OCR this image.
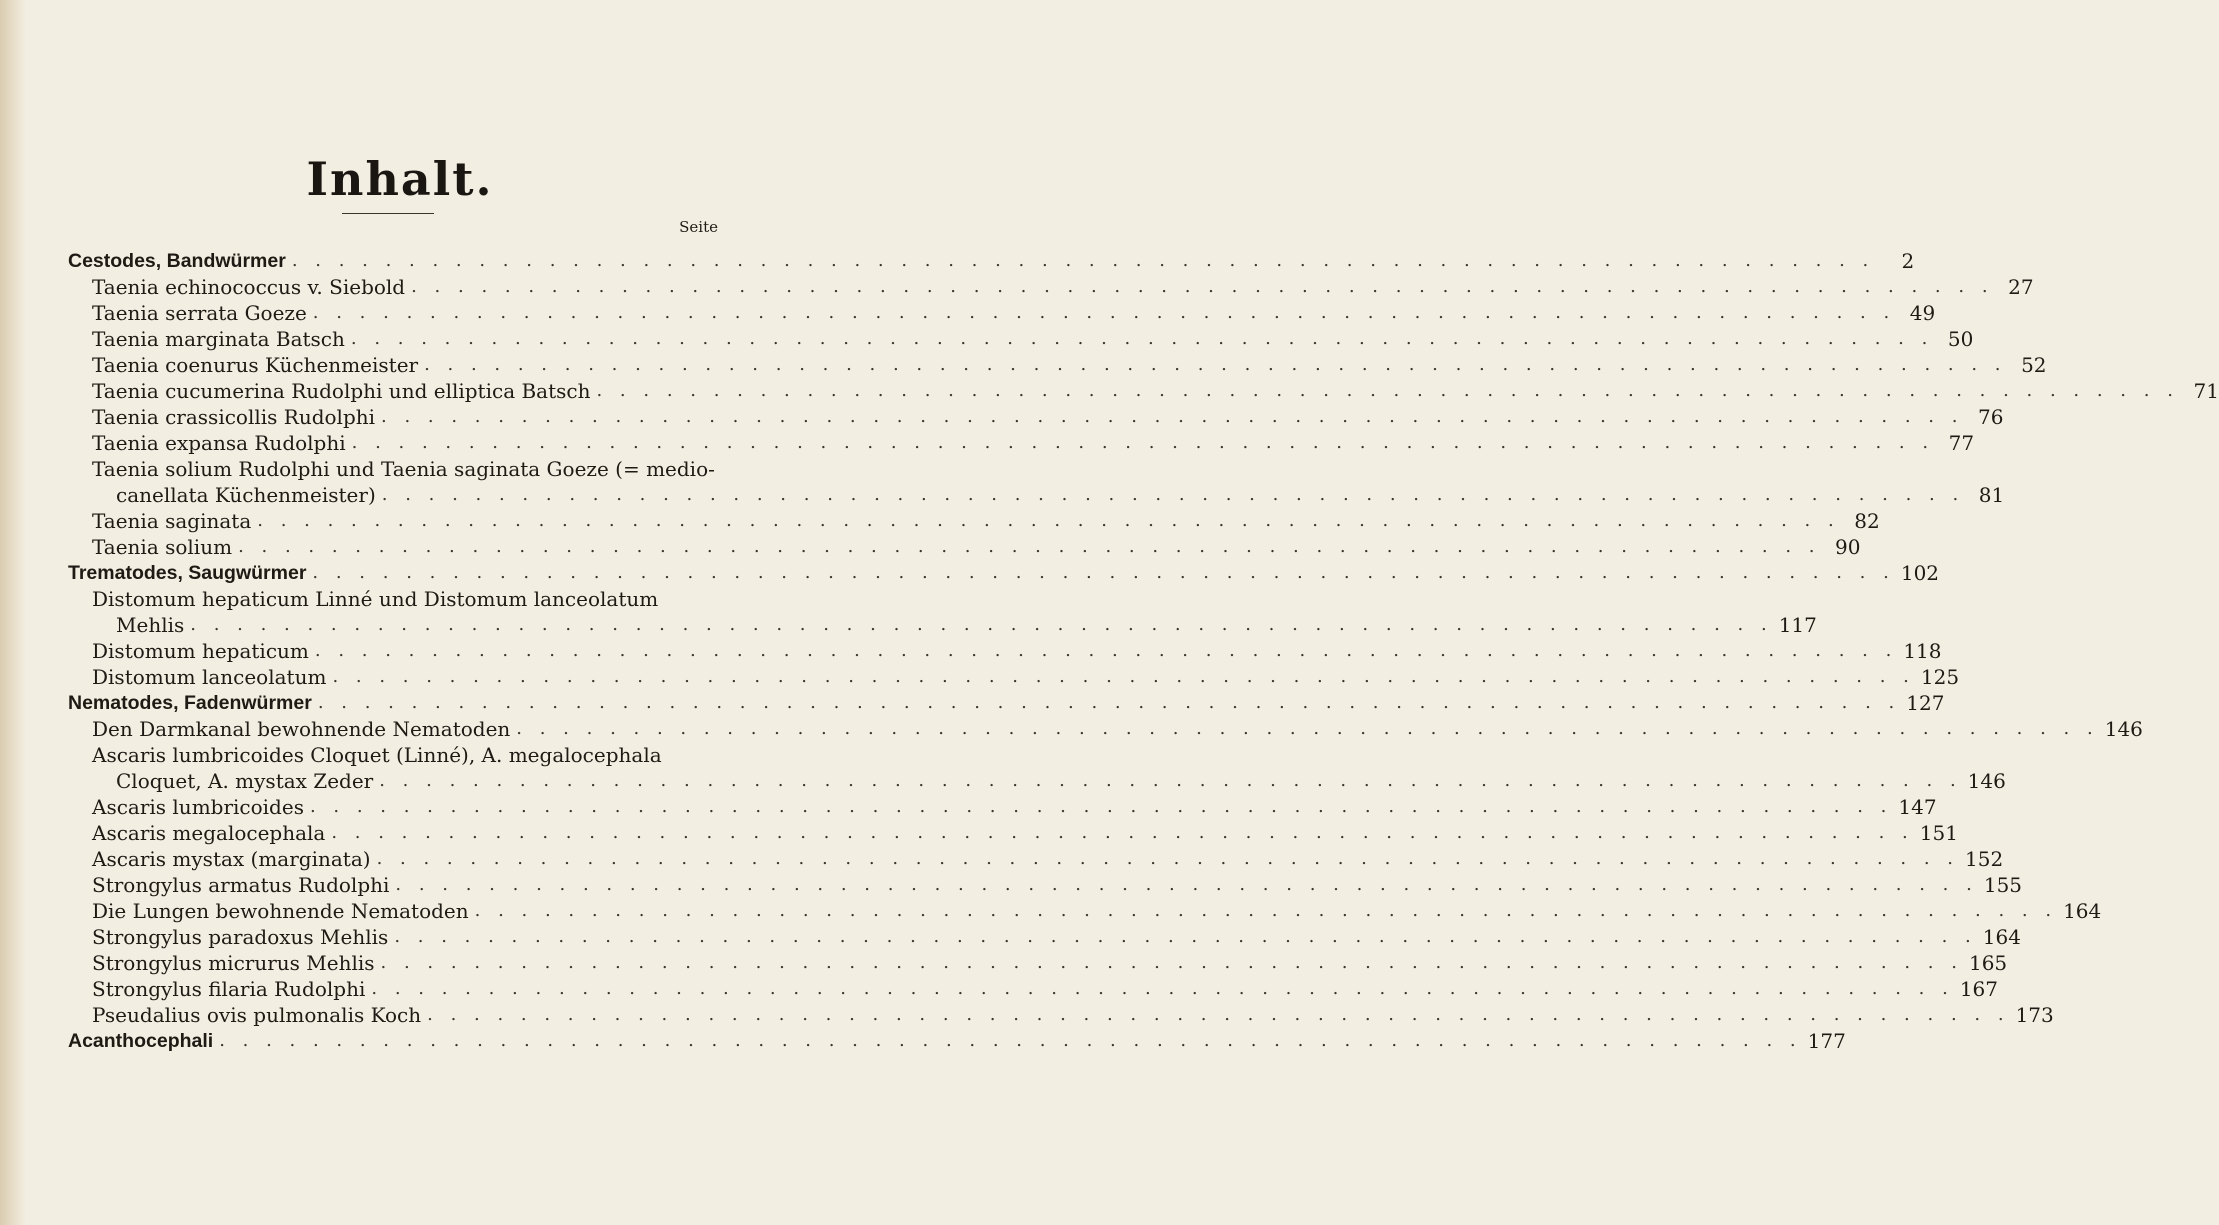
Inhalt.
Seite
Cestodes, Bandwürmer . . . . . . . . . . . . . . . . . . . . . . . . . . . . . . . . . . . . . . . . . . . . . . . . . . . . . . . . . . . . . . . . . . . .	2
Taenia echinococcus v. Siebold . . . . . . . . . . . . . . . . . . . . . . . . . . . . . . . . . . . . . . . . . . . . . . . . . . . . . . . . . . . . . . . . . . . . 27
Taenia serrata Goeze . . . . . . . . . . . . . . . . . . . . . . . . . . . . . . . . . . . . . . . . . . . . . . . . . . . . . . . . . . . . . . . . . . . . 49
Taenia marginata Batsch . . . . . . . . . . . . . . . . . . . . . . . . . . . . . . . . . . . . . . . . . . . . . . . . . . . . . . . . . . . . . . . . . . . . 50
Taenia coenurus Küchenmeister . . . . . . . . . . . . . . . . . . . . . . . . . . . . . . . . . . . . . . . . . . . . . . . . . . . . . . . . . . . . . . . . . . . . 52
Taenia cucumerina Rudolphi und elliptica Batsch . . . . . . . . . . . . . . . . . . . . . . . . . . . . . . . . . . . . . . . . . . . . . . . . . . . . . . . . . . . . . . . . . . . . 71
Taenia crassicollis Rudolphi . . . . . . . . . . . . . . . . . . . . . . . . . . . . . . . . . . . . . . . . . . . . . . . . . . . . . . . . . . . . . . . . . . . . 76
Taenia expansa Rudolphi . . . . . . . . . . . . . . . . . . . . . . . . . . . . . . . . . . . . . . . . . . . . . . . . . . . . . . . . . . . . . . . . . . . . 77
Taenia solium Rudolphi und Taenia saginata Goeze (= medio-
canellata Küchenmeister) . . . . . . . . . . . . . . . . . . . . . . . . . . . . . . . . . . . . . . . . . . . . . . . . . . . . . . . . . . . . . . . . . . . . 81
Taenia saginata . . . . . . . . . . . . . . . . . . . . . . . . . . . . . . . . . . . . . . . . . . . . . . . . . . . . . . . . . . . . . . . . . . . . 82
Taenia solium . . . . . . . . . . . . . . . . . . . . . . . . . . . . . . . . . . . . . . . . . . . . . . . . . . . . . . . . . . . . . . . . . . . . 90
Trematodes, Saugwürmer . . . . . . . . . . . . . . . . . . . . . . . . . . . . . . . . . . . . . . . . . . . . . . . . . . . . . . . . . . . . . . . . . . . . 102
Distomum hepaticum Linné und Distomum lanceolatum
Mehlis . . . . . . . . . . . . . . . . . . . . . . . . . . . . . . . . . . . . . . . . . . . . . . . . . . . . . . . . . . . . . . . . . . . . 117
Distomum hepaticum . . . . . . . . . . . . . . . . . . . . . . . . . . . . . . . . . . . . . . . . . . . . . . . . . . . . . . . . . . . . . . . . . . . . 118
Distomum lanceolatum . . . . . . . . . . . . . . . . . . . . . . . . . . . . . . . . . . . . . . . . . . . . . . . . . . . . . . . . . . . . . . . . . . . . 125
Nematodes, Fadenwürmer . . . . . . . . . . . . . . . . . . . . . . . . . . . . . . . . . . . . . . . . . . . . . . . . . . . . . . . . . . . . . . . . . . . . 127
Den Darmkanal bewohnende Nematoden . . . . . . . . . . . . . . . . . . . . . . . . . . . . . . . . . . . . . . . . . . . . . . . . . . . . . . . . . . . . . . . . . . . . 146
Ascaris lumbricoides Cloquet (Linné), A. megalocephala
Cloquet, A. mystax Zeder . . . . . . . . . . . . . . . . . . . . . . . . . . . . . . . . . . . . . . . . . . . . . . . . . . . . . . . . . . . . . . . . . . . . 146
Ascaris lumbricoides . . . . . . . . . . . . . . . . . . . . . . . . . . . . . . . . . . . . . . . . . . . . . . . . . . . . . . . . . . . . . . . . . . . . 147
Ascaris megalocephala . . . . . . . . . . . . . . . . . . . . . . . . . . . . . . . . . . . . . . . . . . . . . . . . . . . . . . . . . . . . . . . . . . . . 151
Ascaris mystax (marginata) . . . . . . . . . . . . . . . . . . . . . . . . . . . . . . . . . . . . . . . . . . . . . . . . . . . . . . . . . . . . . . . . . . . . 152
Strongylus armatus Rudolphi . . . . . . . . . . . . . . . . . . . . . . . . . . . . . . . . . . . . . . . . . . . . . . . . . . . . . . . . . . . . . . . . . . . . 155
Die Lungen bewohnende Nematoden . . . . . . . . . . . . . . . . . . . . . . . . . . . . . . . . . . . . . . . . . . . . . . . . . . . . . . . . . . . . . . . . . . . . 164
Strongylus paradoxus Mehlis . . . . . . . . . . . . . . . . . . . . . . . . . . . . . . . . . . . . . . . . . . . . . . . . . . . . . . . . . . . . . . . . . . . . 164
Strongylus micrurus Mehlis . . . . . . . . . . . . . . . . . . . . . . . . . . . . . . . . . . . . . . . . . . . . . . . . . . . . . . . . . . . . . . . . . . . . 165
Strongylus filaria Rudolphi . . . . . . . . . . . . . . . . . . . . . . . . . . . . . . . . . . . . . . . . . . . . . . . . . . . . . . . . . . . . . . . . . . . . 167
Pseudalius ovis pulmonalis Koch . . . . . . . . . . . . . . . . . . . . . . . . . . . . . . . . . . . . . . . . . . . . . . . . . . . . . . . . . . . . . . . . . . . . 173
Acanthocephali . . . . . . . . . . . . . . . . . . . . . . . . . . . . . . . . . . . . . . . . . . . . . . . . . . . . . . . . . . . . . . . . . . . . 177
